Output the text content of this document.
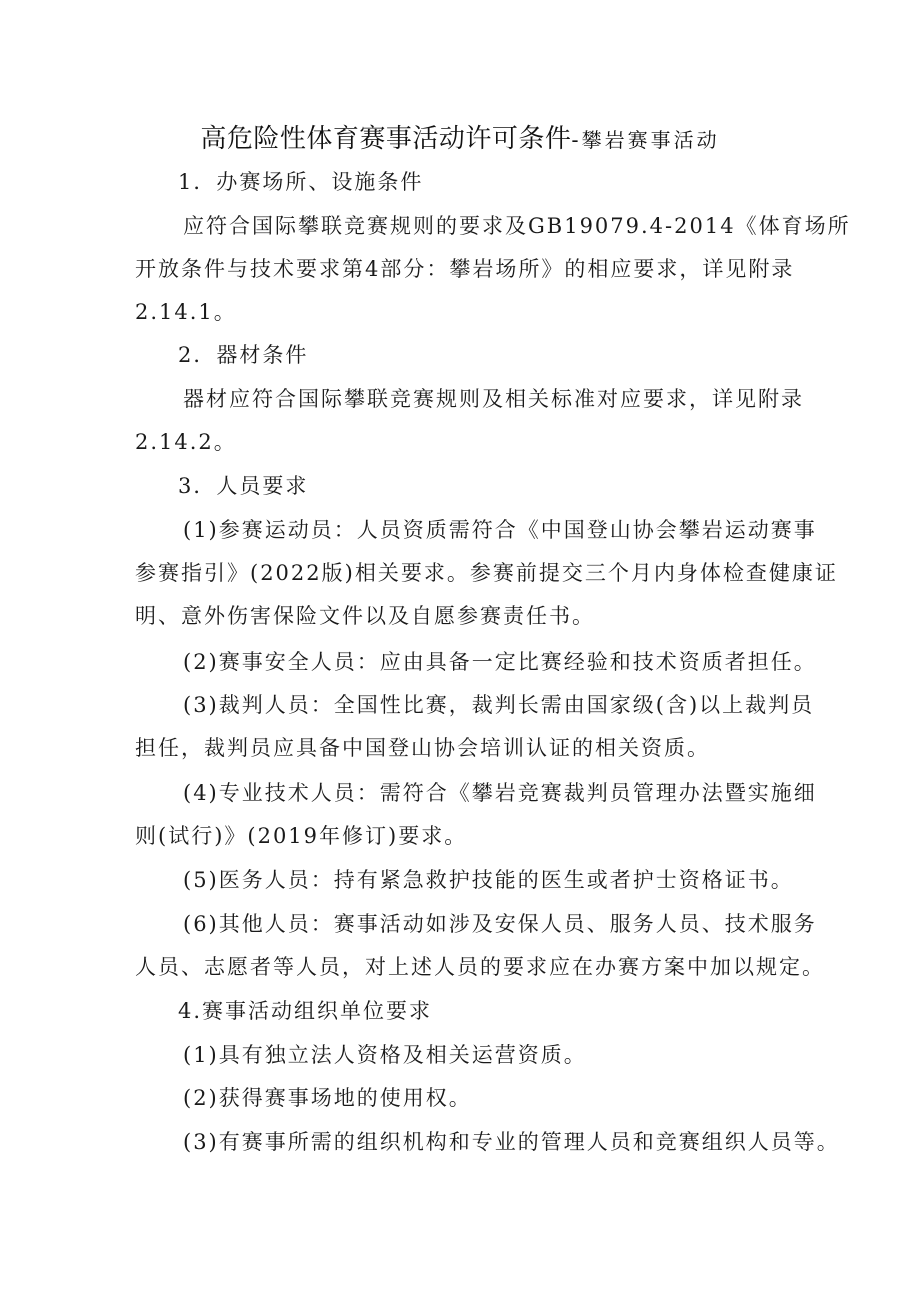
高危险性体育赛事活动许可条件-攀岩赛事活动
1．办赛场所、设施条件
应符合国际攀联竞赛规则的要求及GB19079.4-2014《体育场所
开放条件与技术要求第4部分：攀岩场所》的相应要求，详见附录
2.14.1。
2．器材条件
器材应符合国际攀联竞赛规则及相关标准对应要求，详见附录
2.14.2。
3．人员要求
(1)参赛运动员：人员资质需符合《中国登山协会攀岩运动赛事
参赛指引》(2022版)相关要求。参赛前提交三个月内身体检查健康证
明、意外伤害保险文件以及自愿参赛责任书。
(2)赛事安全人员：应由具备一定比赛经验和技术资质者担任。
(3)裁判人员：全国性比赛，裁判长需由国家级(含)以上裁判员
担任，裁判员应具备中国登山协会培训认证的相关资质。
(4)专业技术人员：需符合《攀岩竞赛裁判员管理办法暨实施细
则(试行)》(2019年修订)要求。
(5)医务人员：持有紧急救护技能的医生或者护士资格证书。
(6)其他人员：赛事活动如涉及安保人员、服务人员、技术服务
人员、志愿者等人员，对上述人员的要求应在办赛方案中加以规定。
4.赛事活动组织单位要求
(1)具有独立法人资格及相关运营资质。
(2)获得赛事场地的使用权。
(3)有赛事所需的组织机构和专业的管理人员和竞赛组织人员等。
